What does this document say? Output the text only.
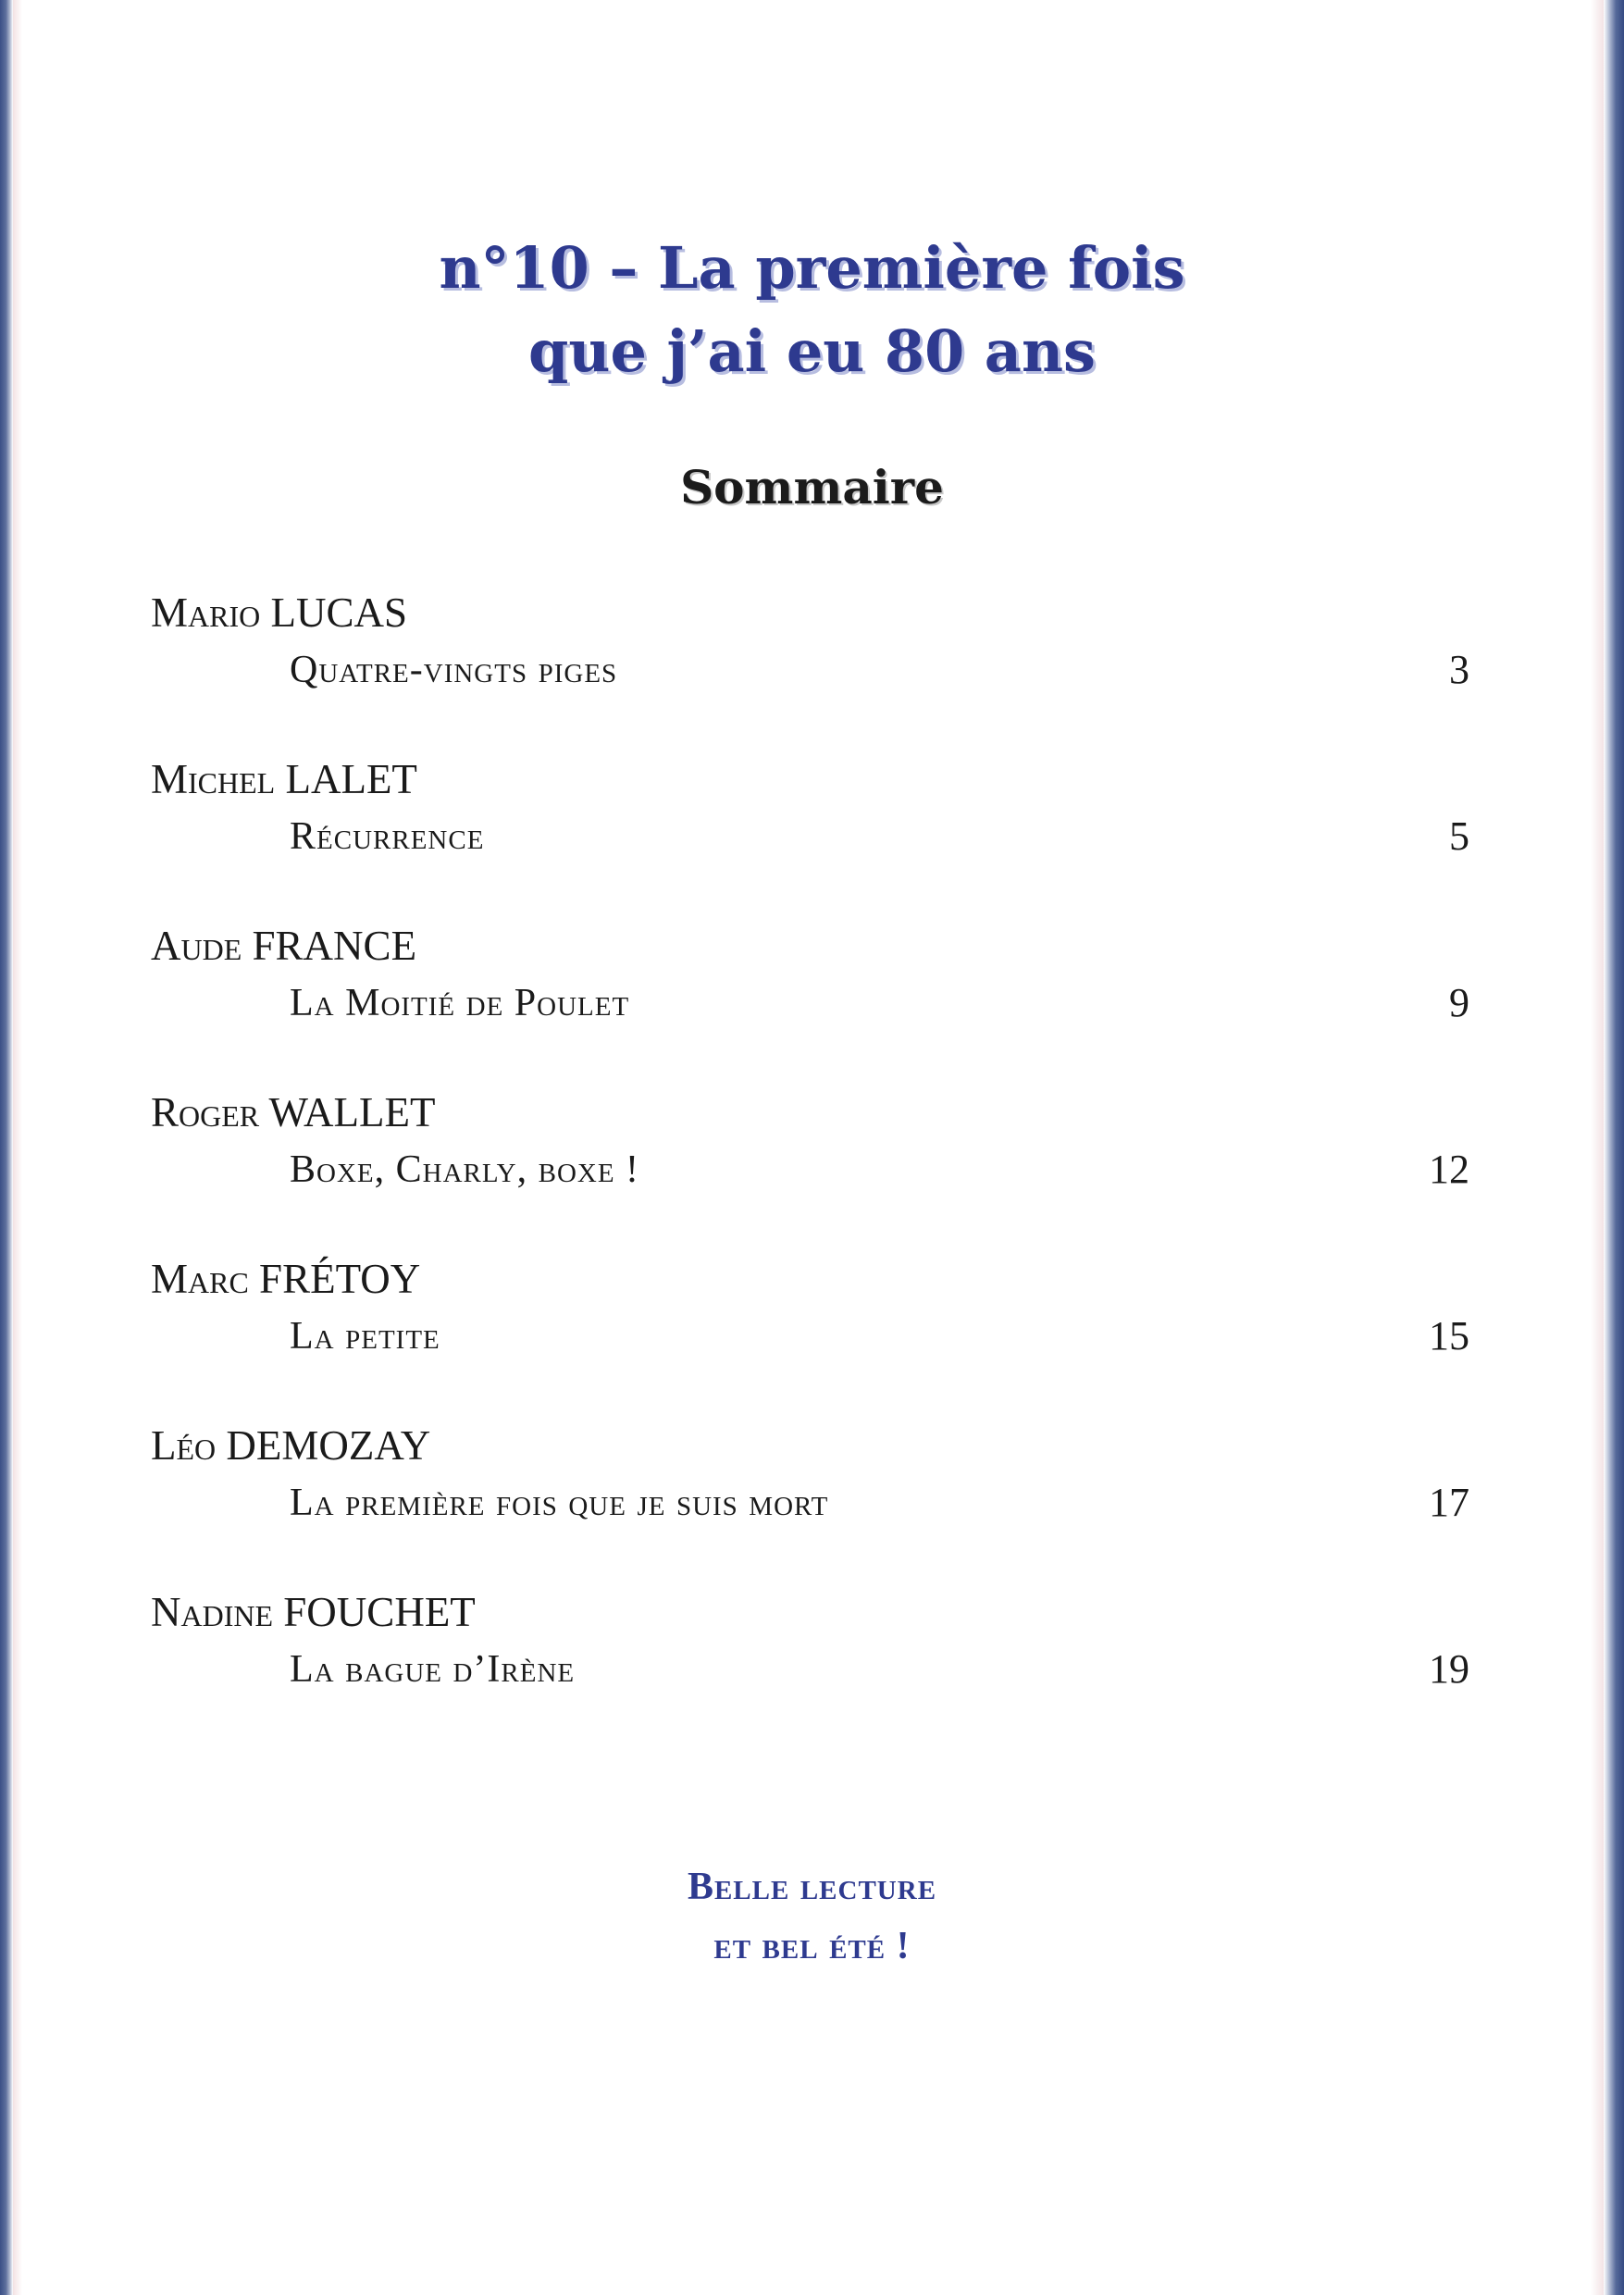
n°10 – La première fois
que j’ai eu 80 ans
Sommaire
Mario LUCAS
Quatre-vingts piges	3
Michel LALET
Récurrence	5
Aude FRANCE
La Moitié de Poulet	9
Roger WALLET
Boxe, Charly, boxe !	12
Marc FRÉTOY
La petite	15
Léo DEMOZAY
La première fois que je suis mort	17
Nadine FOUCHET
La bague d’Irène	19
Belle lecture
et bel été !
